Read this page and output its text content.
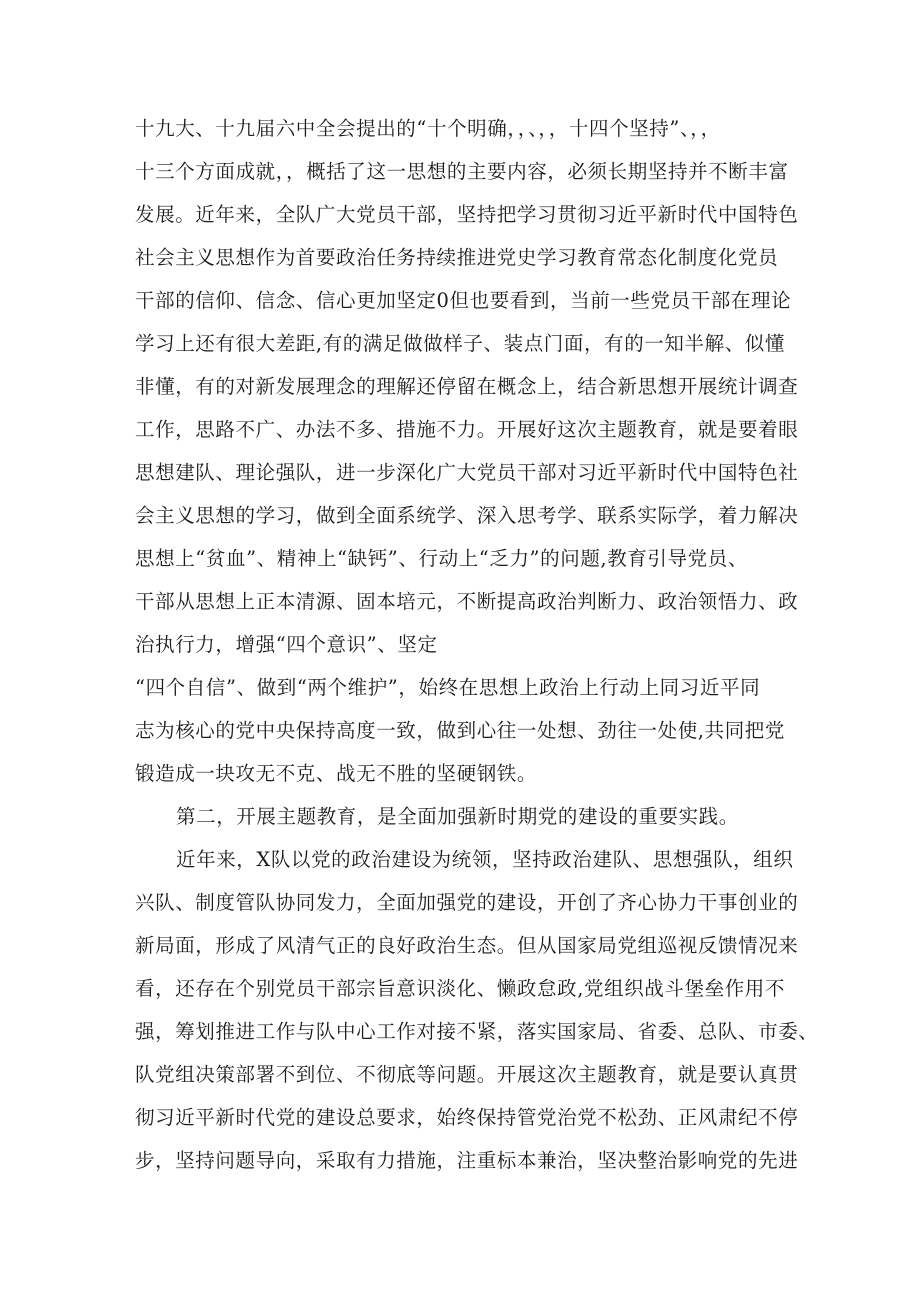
十九大、十九届六中全会提出的“十个明确，，、，，十四个坚持”、，，

十三个方面成就，，概括了这一思想的主要内容，必须长期坚持并不断丰富

发展。近年来，全队广大党员干部，坚持把学习贯彻习近平新时代中国特色

社会主义思想作为首要政治任务持续推进党史学习教育常态化制度化党员

干部的信仰、信念、信心更加坚定0但也要看到，当前一些党员干部在理论

学习上还有很大差距,有的满足做做样子、装点门面，有的一知半解、似懂

非懂，有的对新发展理念的理解还停留在概念上，结合新思想开展统计调查

工作，思路不广、办法不多、措施不力。开展好这次主题教育，就是要着眼

思想建队、理论强队，进一步深化广大党员干部对习近平新时代中国特色社

会主义思想的学习，做到全面系统学、深入思考学、联系实际学，着力解决

思想上“贫血”、精神上“缺钙”、行动上“乏力”的问题,教育引导党员、

干部从思想上正本清源、固本培元，不断提高政治判断力、政治领悟力、政

治执行力，增强“四个意识”、坚定

“四个自信”、做到“两个维护”，始终在思想上政治上行动上同习近平同

志为核心的党中央保持高度一致，做到心往一处想、劲往一处使,共同把党

锻造成一块攻无不克、战无不胜的坚硬钢铁。

第二，开展主题教育，是全面加强新时期党的建设的重要实践。

近年来，X队以党的政治建设为统领，坚持政治建队、思想强队，组织

兴队、制度管队协同发力，全面加强党的建设，开创了齐心协力干事创业的

新局面，形成了风清气正的良好政治生态。但从国家局党组巡视反馈情况来

看，还存在个别党员干部宗旨意识淡化、懒政怠政,党组织战斗堡垒作用不

强，筹划推进工作与队中心工作对接不紧，落实国家局、省委、总队、市委、

队党组决策部署不到位、不彻底等问题。开展这次主题教育，就是要认真贯

彻习近平新时代党的建设总要求，始终保持管党治党不松劲、正风肃纪不停

步，坚持问题导向，采取有力措施，注重标本兼治，坚决整治影响党的先进
